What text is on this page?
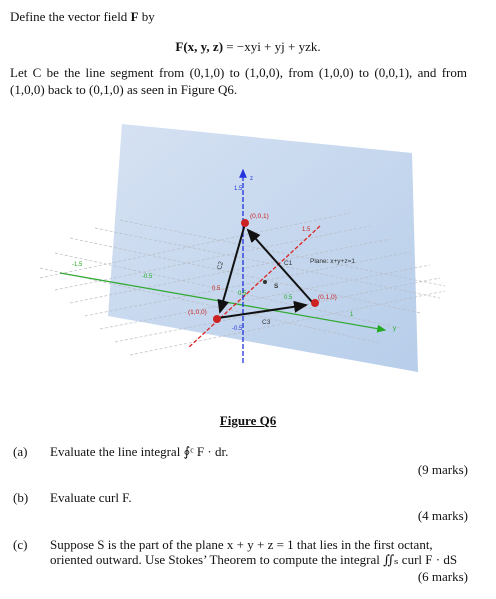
Define the vector field F by
F(x, y, z) = −xyi + yj + yzk.
Let C be the line segment from (0,1,0) to (1,0,0), from (1,0,0) to (0,0,1), and from (1,0,0) back to (0,1,0) as seen in Figure Q6.
(0,0,1)
(0,1,0)
(1,0,0)
C1
C2
C3
S
Plane: x+y+z=1
z
1.5
-0.5
1.5
0.5
y
-1.5
-0.5
0.5
1
0.5
Figure Q6
(a) Evaluate the line integral ∮ᶜ F · dr.
(9 marks)
(b) Evaluate curl F.
(4 marks)
(c) Suppose S is the part of the plane x + y + z = 1 that lies in the first octant,
oriented outward. Use Stokes’ Theorem to compute the integral ∬ₛ curl F · dS
(6 marks)
